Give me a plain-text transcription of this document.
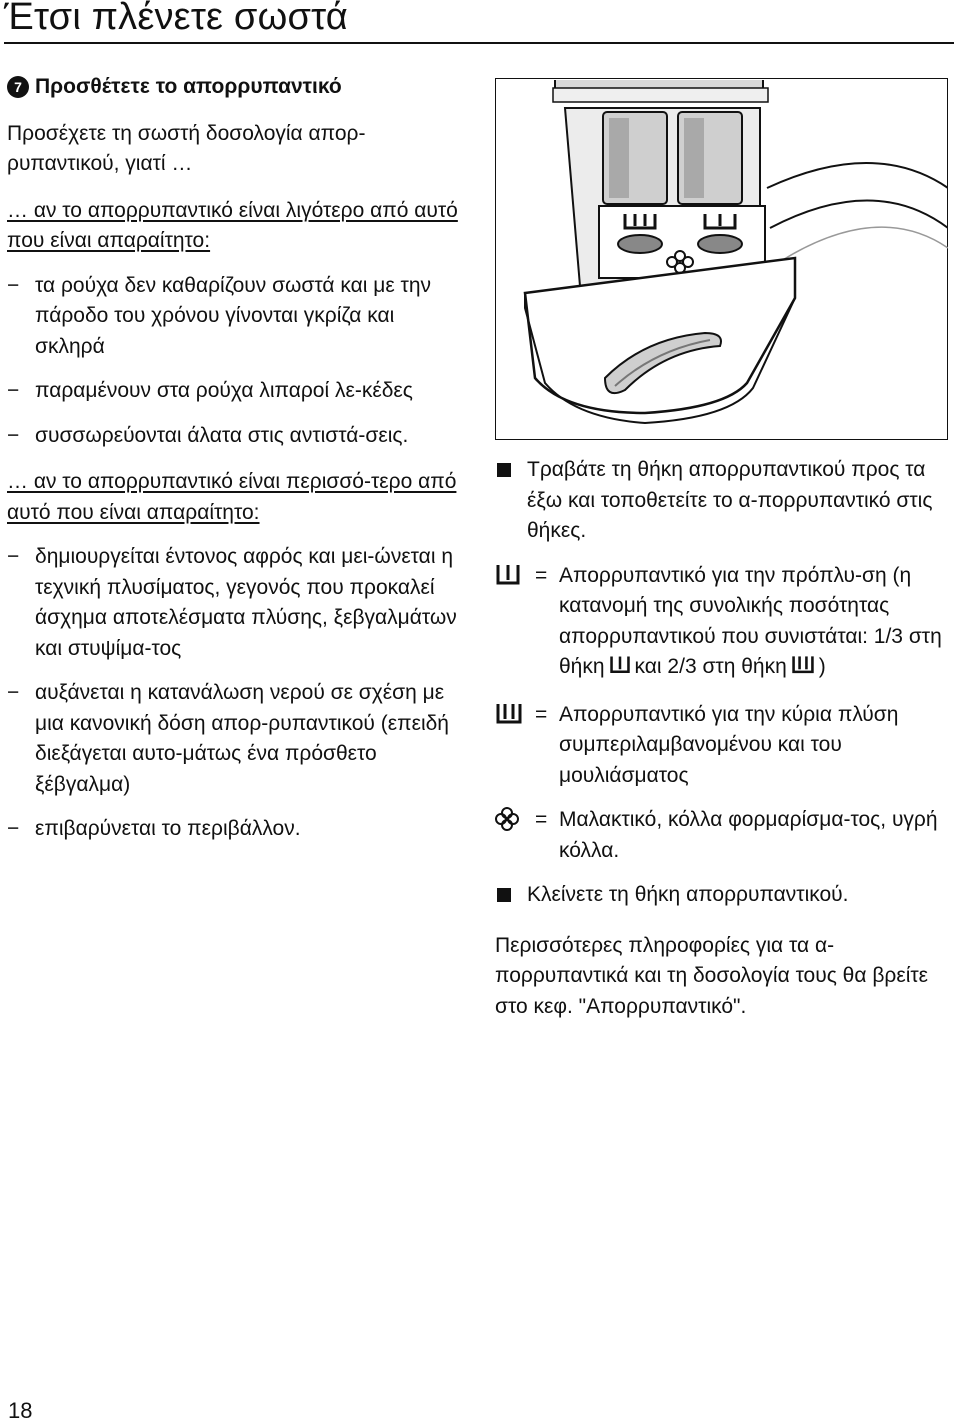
Έτσι πλένετε σωστά
7 Προσθέτετε το απορρυπαντικό

Προσέχετε τη σωστή δοσολογία απορ-ρυπαντικού, γιατί …

… αν το απορρυπαντικό είναι λιγότερο από αυτό που είναι απαραίτητο:

− τα ρούχα δεν καθαρίζουν σωστά και με την πάροδο του χρόνου γίνονται γκρίζα και σκληρά
− παραμένουν στα ρούχα λιπαροί λε-κέδες
− συσσωρεύονται άλατα στις αντιστά-σεις.

… αν το απορρυπαντικό είναι περισσό-τερο από αυτό που είναι απαραίτητο:

− δημιουργείται έντονος αφρός και μει-ώνεται η τεχνική πλυσίματος, γεγονός που προκαλεί άσχημα αποτελέσματα πλύσης, ξεβγαλμάτων και στυψίμα-τος
− αυξάνεται η κατανάλωση νερού σε σχέση με μια κανονική δόση απορ-ρυπαντικού (επειδή διεξάγεται αυτο-μάτως ένα πρόσθετο ξέβγαλμα)
− επιβαρύνεται το περιβάλλον.
Τραβάτε τη θήκη απορρυπαντικού προς τα έξω και τοποθετείτε το α-πορρυπαντικό στις θήκες.
= Απορρυπαντικό για την πρόπλυ-ση (η κατανομή της συνολικής ποσότητας απορρυπαντικού που συνιστάται: 1/3 στη θήκη και 2/3 στη θήκη )
= Απορρυπαντικό για την κύρια πλύση συμπεριλαμβανομένου και του μουλιάσματος
= Μαλακτικό, κόλλα φορμαρίσμα-τος, υγρή κόλλα.
Κλείνετε τη θήκη απορρυπαντικού.

Περισσότερες πληροφορίες για τα α-πορρυπαντικά και τη δοσολογία τους θα βρείτε στο κεφ. "Απορρυπαντικό".

18
